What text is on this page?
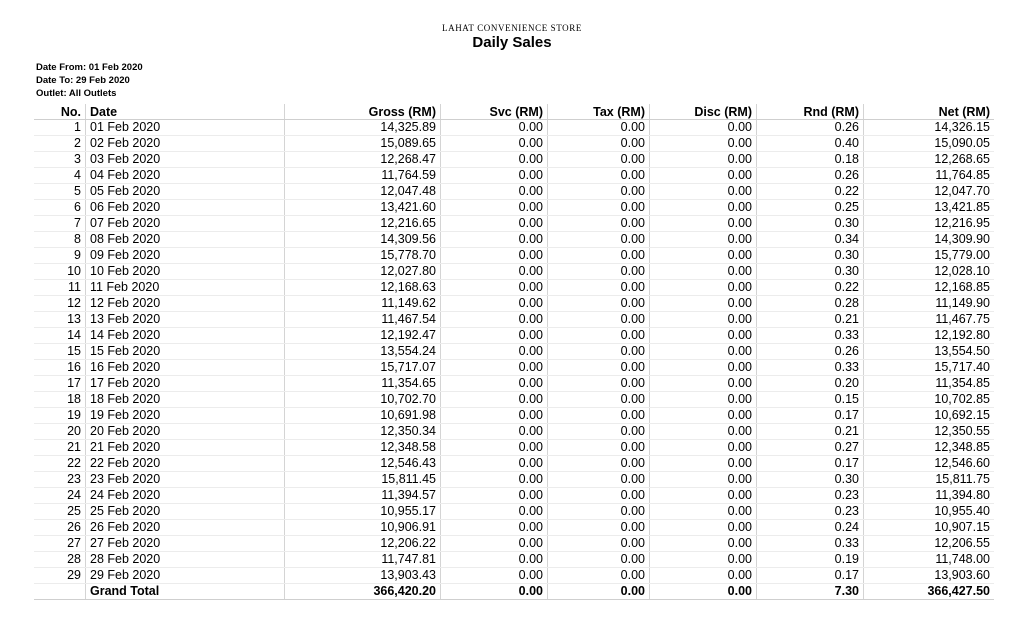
LAHAT CONVENIENCE STORE
Daily Sales
Date From: 01 Feb 2020
Date To: 29 Feb 2020
Outlet: All Outlets
No.	Date	Gross (RM)	Svc (RM)	Tax (RM)	Disc (RM)	Rnd (RM)	Net (RM)
1	01 Feb 2020	14,325.89	0.00	0.00	0.00	0.26	14,326.15
2	02 Feb 2020	15,089.65	0.00	0.00	0.00	0.40	15,090.05
3	03 Feb 2020	12,268.47	0.00	0.00	0.00	0.18	12,268.65
4	04 Feb 2020	11,764.59	0.00	0.00	0.00	0.26	11,764.85
5	05 Feb 2020	12,047.48	0.00	0.00	0.00	0.22	12,047.70
6	06 Feb 2020	13,421.60	0.00	0.00	0.00	0.25	13,421.85
7	07 Feb 2020	12,216.65	0.00	0.00	0.00	0.30	12,216.95
8	08 Feb 2020	14,309.56	0.00	0.00	0.00	0.34	14,309.90
9	09 Feb 2020	15,778.70	0.00	0.00	0.00	0.30	15,779.00
10	10 Feb 2020	12,027.80	0.00	0.00	0.00	0.30	12,028.10
11	11 Feb 2020	12,168.63	0.00	0.00	0.00	0.22	12,168.85
12	12 Feb 2020	11,149.62	0.00	0.00	0.00	0.28	11,149.90
13	13 Feb 2020	11,467.54	0.00	0.00	0.00	0.21	11,467.75
14	14 Feb 2020	12,192.47	0.00	0.00	0.00	0.33	12,192.80
15	15 Feb 2020	13,554.24	0.00	0.00	0.00	0.26	13,554.50
16	16 Feb 2020	15,717.07	0.00	0.00	0.00	0.33	15,717.40
17	17 Feb 2020	11,354.65	0.00	0.00	0.00	0.20	11,354.85
18	18 Feb 2020	10,702.70	0.00	0.00	0.00	0.15	10,702.85
19	19 Feb 2020	10,691.98	0.00	0.00	0.00	0.17	10,692.15
20	20 Feb 2020	12,350.34	0.00	0.00	0.00	0.21	12,350.55
21	21 Feb 2020	12,348.58	0.00	0.00	0.00	0.27	12,348.85
22	22 Feb 2020	12,546.43	0.00	0.00	0.00	0.17	12,546.60
23	23 Feb 2020	15,811.45	0.00	0.00	0.00	0.30	15,811.75
24	24 Feb 2020	11,394.57	0.00	0.00	0.00	0.23	11,394.80
25	25 Feb 2020	10,955.17	0.00	0.00	0.00	0.23	10,955.40
26	26 Feb 2020	10,906.91	0.00	0.00	0.00	0.24	10,907.15
27	27 Feb 2020	12,206.22	0.00	0.00	0.00	0.33	12,206.55
28	28 Feb 2020	11,747.81	0.00	0.00	0.00	0.19	11,748.00
29	29 Feb 2020	13,903.43	0.00	0.00	0.00	0.17	13,903.60
	Grand Total	366,420.20	0.00	0.00	0.00	7.30	366,427.50
